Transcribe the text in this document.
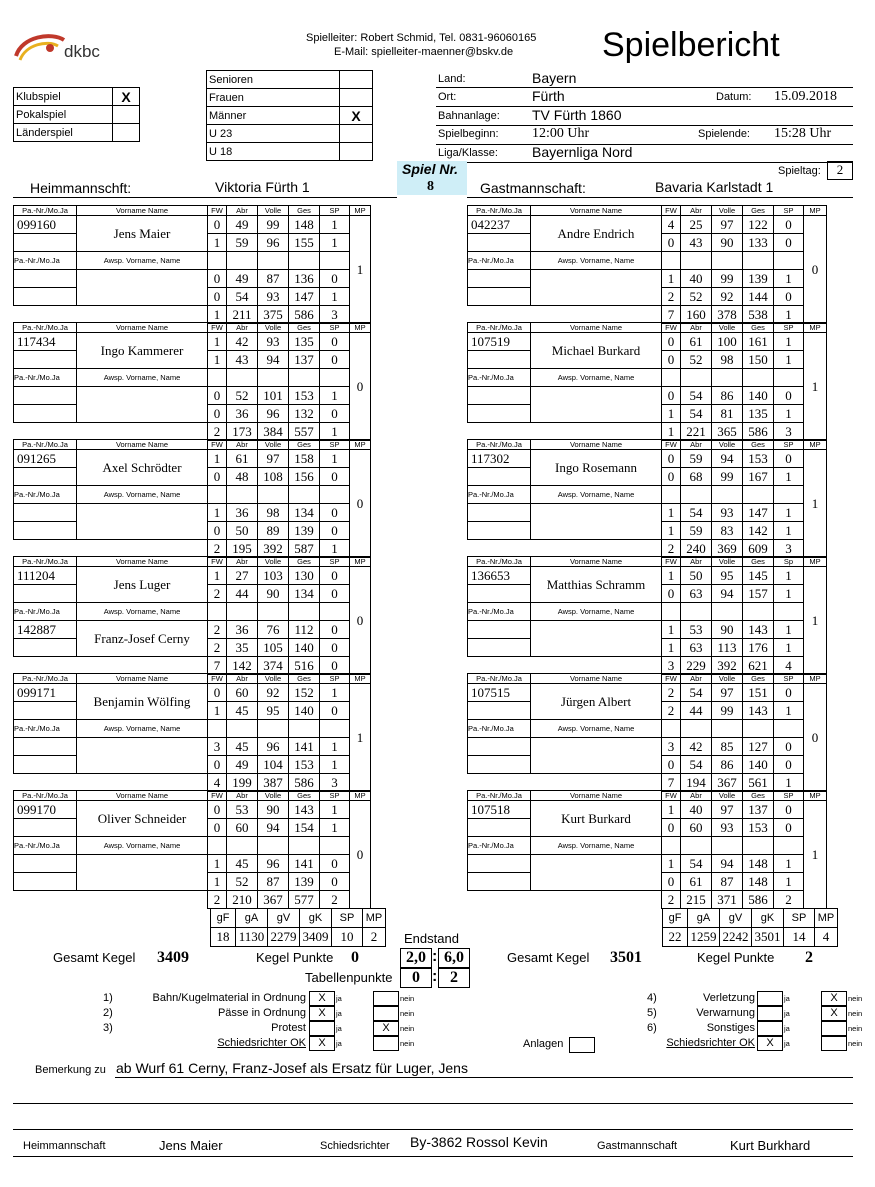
dkbc
Spielleiter: Robert Schmid, Tel. 0831-96060165
E-Mail: spielleiter-maenner@bskv.de	Spielbericht
Klubspiel	X
Pokalspiel	
Länderspiel	
Senioren	
Frauen	
Männer	X
U 23	
U 18	
Land:	Bayern
Ort:	Fürth	Datum: 15.09.2018
Bahnanlage: TV Fürth 1860
Spielbeginn: 12:00 Uhr	Spielende: 15:28 Uhr
Liga/Klasse: Bayernliga Nord
Spiel Nr.
8
Spieltag:	2
Heimmannschft:	Viktoria Fürth 1	Gastmannschaft:	Bavaria Karlstadt 1
Pa.-Nr./Mo.Ja	Vorname Name	FW	Abr	Volle	Ges	SP	MP	
099160	Jens Maier	0	49	99	148	1	1	
		1	59	96	155	1		
Pa.-Nr./Mo.Ja	Awsp. Vorname, Name							
		0	49	87	136	0		
		0	54	93	147	1		
		1	211	375	586	3		
Pa.-Nr./Mo.Ja	Vorname Name	FW	Abr	Volle	Ges	SP	MP	
117434	Ingo Kammerer	1	42	93	135	0	0	
		1	43	94	137	0		
Pa.-Nr./Mo.Ja	Awsp. Vorname, Name							
		0	52	101	153	1		
		0	36	96	132	0		
		2	173	384	557	1		
Pa.-Nr./Mo.Ja	Vorname Name	FW	Abr	Volle	Ges	SP	MP	
091265	Axel Schrödter	1	61	97	158	1	0	
		0	48	108	156	0		
Pa.-Nr./Mo.Ja	Awsp. Vorname, Name							
		1	36	98	134	0		
		0	50	89	139	0		
		2	195	392	587	1		
Pa.-Nr./Mo.Ja	Vorname Name	FW	Abr	Volle	Ges	SP	MP	
111204	Jens Luger	1	27	103	130	0	0	
		2	44	90	134	0		
Pa.-Nr./Mo.Ja	Awsp. Vorname, Name							
142887	Franz-Josef Cerny	2	36	76	112	0		
		2	35	105	140	0		
		7	142	374	516	0		
Pa.-Nr./Mo.Ja	Vorname Name	FW	Abr	Volle	Ges	SP	MP	
099171	Benjamin Wölfing	0	60	92	152	1	1	
		1	45	95	140	0		
Pa.-Nr./Mo.Ja	Awsp. Vorname, Name							
		3	45	96	141	1		
		0	49	104	153	1		
		4	199	387	586	3		
Pa.-Nr./Mo.Ja	Vorname Name	FW	Abr	Volle	Ges	SP	MP	
099170	Oliver Schneider	0	53	90	143	1	0	
		0	60	94	154	1		
Pa.-Nr./Mo.Ja	Awsp. Vorname, Name							
		1	45	96	141	0		
		1	52	87	139	0		
		2	210	367	577	2		
Pa.-Nr./Mo.Ja	Vorname Name	FW	Abr	Volle	Ges	SP	MP	
042237	Andre Endrich	4	25	97	122	0	0	
		0	43	90	133	0		
Pa.-Nr./Mo.Ja	Awsp. Vorname, Name							
		1	40	99	139	1		
		2	52	92	144	0		
		7	160	378	538	1		
Pa.-Nr./Mo.Ja	Vorname Name	FW	Abr	Volle	Ges	SP	MP	
107519	Michael Burkard	0	61	100	161	1	1	
		0	52	98	150	1		
Pa.-Nr./Mo.Ja	Awsp. Vorname, Name							
		0	54	86	140	0		
		1	54	81	135	1		
		1	221	365	586	3		
Pa.-Nr./Mo.Ja	Vorname Name	FW	Abr	Volle	Ges	SP	MP	
117302	Ingo Rosemann	0	59	94	153	0	1	
		0	68	99	167	1		
Pa.-Nr./Mo.Ja	Awsp. Vorname, Name							
		1	54	93	147	1		
		1	59	83	142	1		
		2	240	369	609	3		
Pa.-Nr./Mo.Ja	Vorname Name	FW	Abr	Volle	Ges	Sp	MP	
136653	Matthias Schramm	1	50	95	145	1	1	
		0	63	94	157	1		
Pa.-Nr./Mo.Ja	Awsp. Vorname, Name							
		1	53	90	143	1		
		1	63	113	176	1		
		3	229	392	621	4		
Pa.-Nr./Mo.Ja	Vorname Name	FW	Abr	Volle	Ges	SP	MP	
107515	Jürgen Albert	2	54	97	151	0	0	
		2	44	99	143	1		
Pa.-Nr./Mo.Ja	Awsp. Vorname, Name							
		3	42	85	127	0		
		0	54	86	140	0		
		7	194	367	561	1		
Pa.-Nr./Mo.Ja	Vorname Name	FW	Abr	Volle	Ges	SP	MP	
107518	Kurt Burkard	1	40	97	137	0	1	
		0	60	93	153	0		
Pa.-Nr./Mo.Ja	Awsp. Vorname, Name							
		1	54	94	148	1		
		0	61	87	148	1		
		2	215	371	586	2		
gF	gA	gV	gK	SP	MP
18	1130	2279	3409	10	2
gF	gA	gV	gK	SP	MP
22	1259	2242	3501	14	4
Endstand
Gesamt Kegel 3409	Kegel Punkte 0	2,0 : 6,0	Gesamt Kegel 3501	Kegel Punkte 2
Tabellenpunkte	0 : 2
1)	Bahn/Kugelmaterial in Ordnung	X	ja	nein
2)	Pässe in Ordnung	X	ja	nein
3)	Protest	ja	X	nein
Schiedsrichter OK	X	ja	nein
4)	Verletzung	ja	X	nein
5)	Verwarnung	ja	X	nein
6)	Sonstiges	ja	nein
Schiedsrichter OK	X	ja	nein
Anlagen
Bemerkung zu ab Wurf 61 Cerny, Franz-Josef als Ersatz für Luger, Jens
Heimmannschaft	Jens Maier	Schiedsrichter By-3862 Rossol Kevin	Gastmannschaft	Kurt Burkhard
